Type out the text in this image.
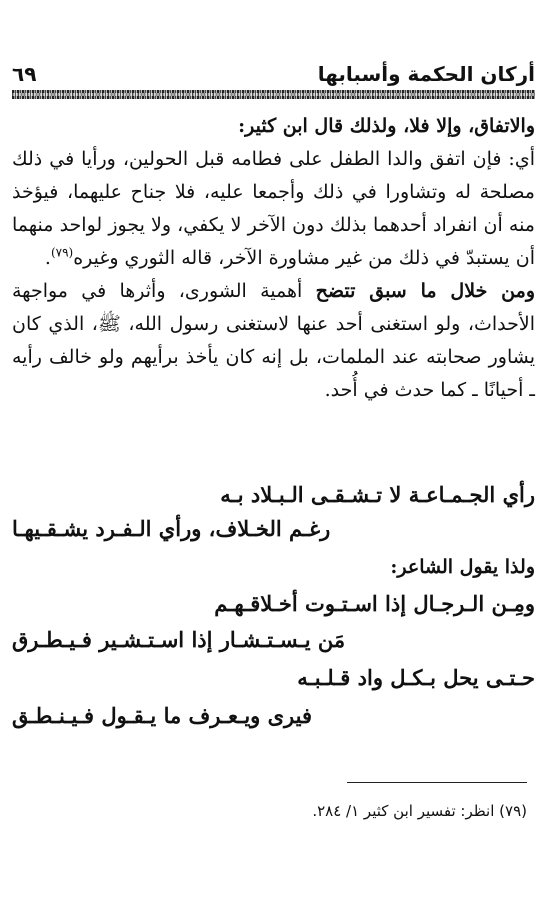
أركان الحكمة وأسبابها
٦٩

والاتفاق، وإلا فلا، ولذلك قال ابن كثير:

أي: فإن اتفق والدا الطفل على فطامه قبل الحولين، ورأيا في ذلك مصلحة له وتشاورا في ذلك وأجمعا عليه، فلا جناح عليهما، فيؤخذ منه أن انفراد أحدهما بذلك دون الآخر لا يكفي، ولا يجوز لواحد منهما أن يستبدّ في ذلك من غير مشاورة الآخر، قاله الثوري وغيره$^{(٧٩)}$.

ومن خلال ما سبق تتضح أهمية الشورى، وأثرها في مواجهة الأحداث، ولو استغنى أحد عنها لاستغنى رسول الله، ﷺ، الذي كان يشاور صحابته عند الملمات، بل إنه كان يأخذ برأيهم ولو خالف رأيه ـ أحيانًا ـ كما حدث في أُحد.

رأي الجـمـاعـة لا تـشـقـى الـبـلاد بـه
رغـم الخـلاف، ورأي الـفـرد يشـقـيهـا
ولذا يقول الشاعر:
ومِـن الـرجـال إذا اسـتـوت أخـلاقـهـم
مَن يـسـتـشـار إذا اسـتـشـير فـيـطـرق
حـتـى يحل بـكـل واد قـلـبـه
فيرى ويـعـرف ما يـقـول فـيـنـطـق
(٧٩) انظر: تفسير ابن كثير ١/ ٢٨٤.
